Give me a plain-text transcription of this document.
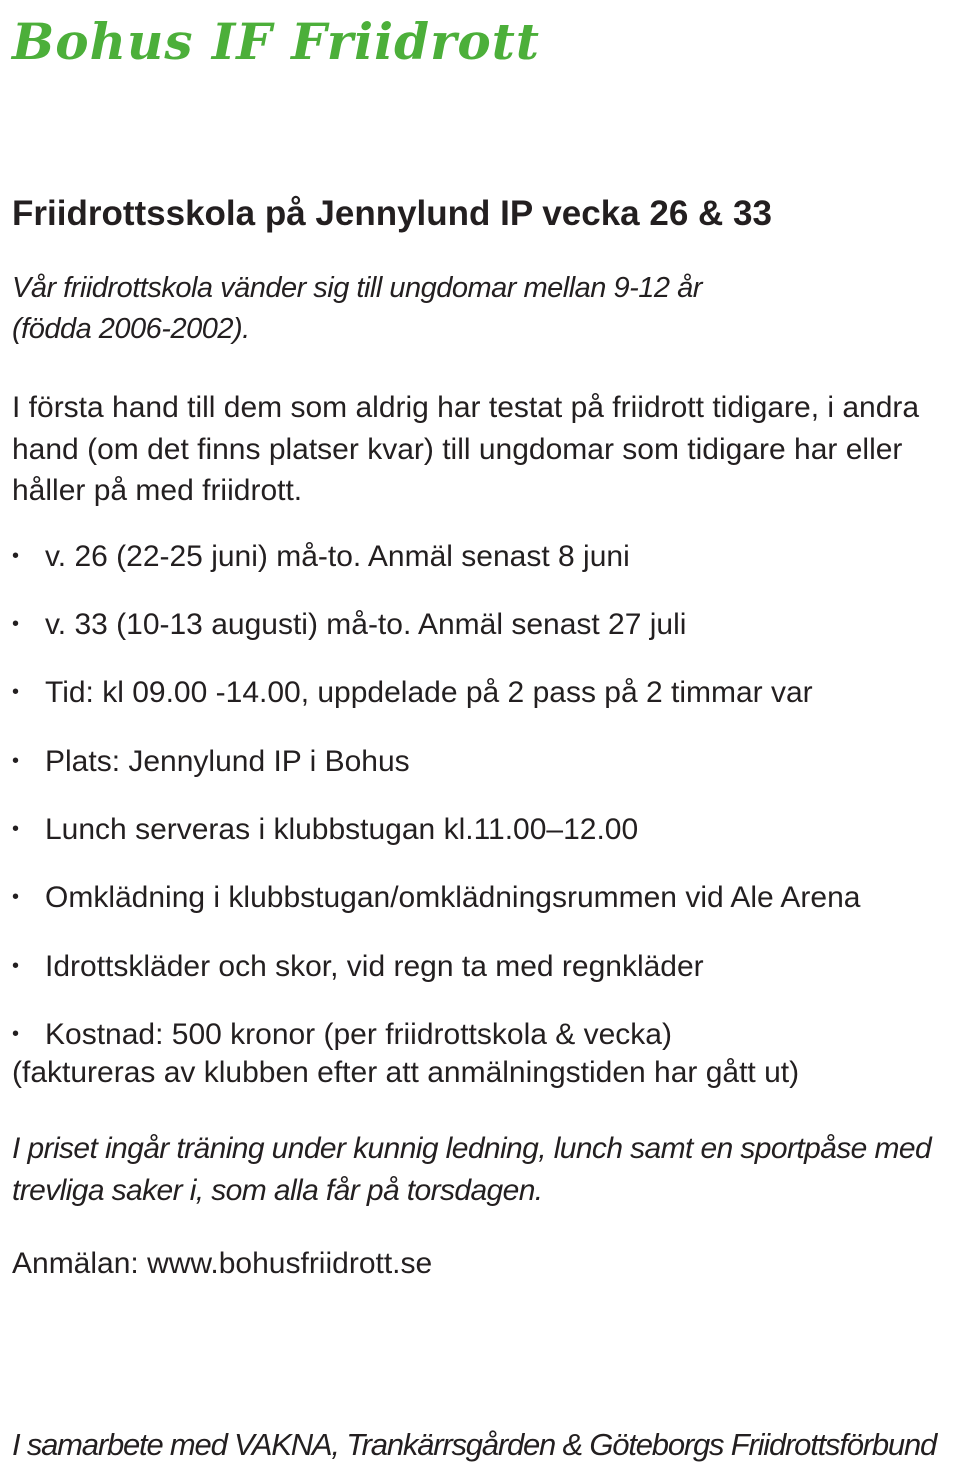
Bohus IF Friidrott
Friidrottsskola på Jennylund IP vecka 26 & 33
Vår friidrottskola vänder sig till ungdomar mellan 9-12 år
(födda 2006-2002).
I första hand till dem som aldrig har testat på friidrott tidigare, i andra hand (om det finns platser kvar) till ungdomar som tidigare har eller håller på med friidrott.
• v. 26 (22-25 juni) må-to. Anmäl senast 8 juni
• v. 33 (10-13 augusti) må-to. Anmäl senast 27 juli
• Tid: kl 09.00 -14.00, uppdelade på 2 pass på 2 timmar var
• Plats: Jennylund IP i Bohus
• Lunch serveras i klubbstugan kl.11.00–12.00
• Omklädning i klubbstugan/omklädningsrummen vid Ale Arena
• Idrottskläder och skor, vid regn ta med regnkläder
• Kostnad: 500 kronor (per friidrottskola & vecka)
(faktureras av klubben efter att anmälningstiden har gått ut)
I priset ingår träning under kunnig ledning, lunch samt en sportpåse med trevliga saker i, som alla får på torsdagen.
Anmälan: www.bohusfriidrott.se
I samarbete med VAKNA, Trankärrsgården & Göteborgs Friidrottsförbund
